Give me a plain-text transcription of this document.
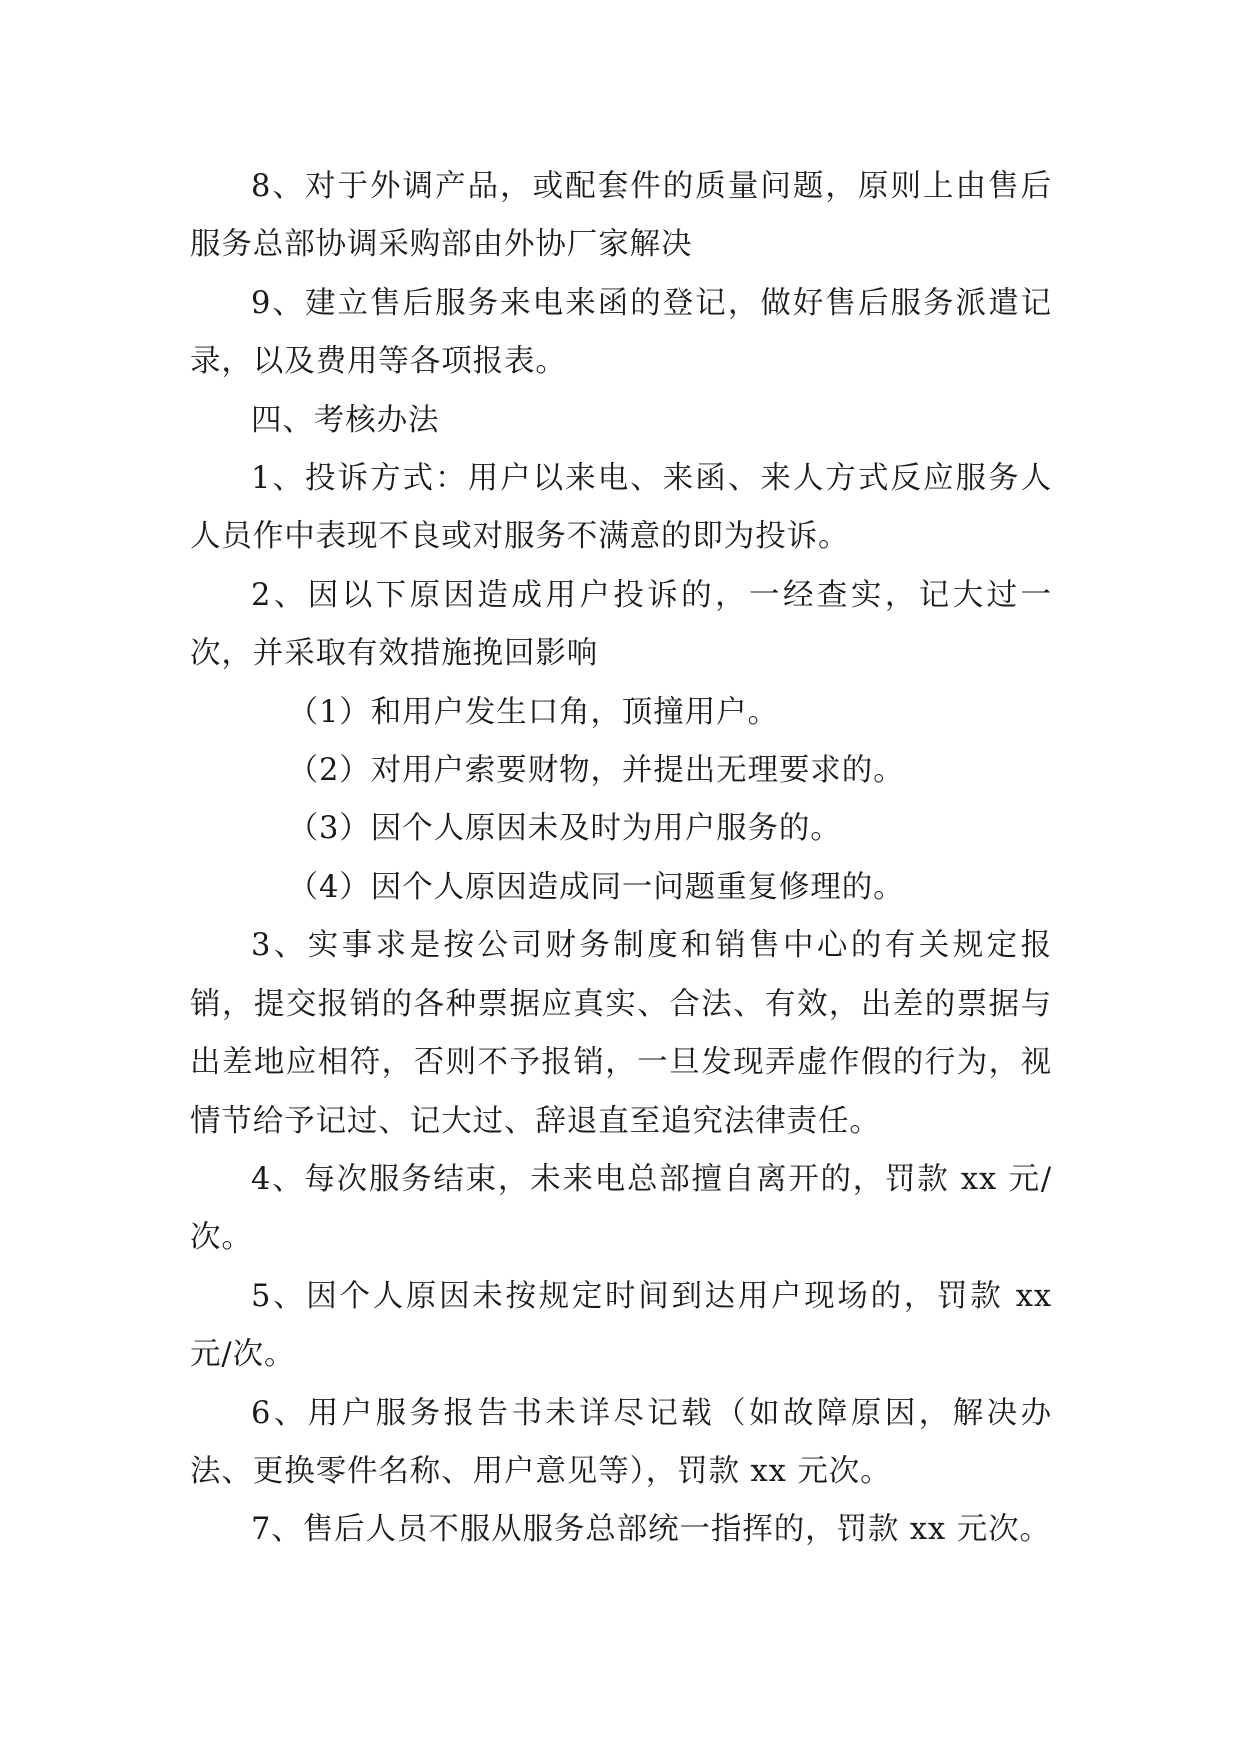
8、对于外调产品，或配套件的质量问题，原则上由售后服务总部协调采购部由外协厂家解决

9、建立售后服务来电来函的登记，做好售后服务派遣记录，以及费用等各项报表。

四、考核办法

1、投诉方式：用户以来电、来函、来人方式反应服务人人员作中表现不良或对服务不满意的即为投诉。

2、因以下原因造成用户投诉的，一经查实，记大过一次，并采取有效措施挽回影响

（1）和用户发生口角，顶撞用户。

（2）对用户索要财物，并提出无理要求的。

（3）因个人原因未及时为用户服务的。

（4）因个人原因造成同一问题重复修理的。

3、实事求是按公司财务制度和销售中心的有关规定报销，提交报销的各种票据应真实、合法、有效，出差的票据与出差地应相符，否则不予报销，一旦发现弄虚作假的行为，视情节给予记过、记大过、辞退直至追究法律责任。

4、每次服务结束，未来电总部擅自离开的，罚款 xx 元/次。

5、因个人原因未按规定时间到达用户现场的，罚款 xx 元/次。

6、用户服务报告书未详尽记载（如故障原因，解决办法、更换零件名称、用户意见等），罚款 xx 元次。

7、售后人员不服从服务总部统一指挥的，罚款 xx 元次。
